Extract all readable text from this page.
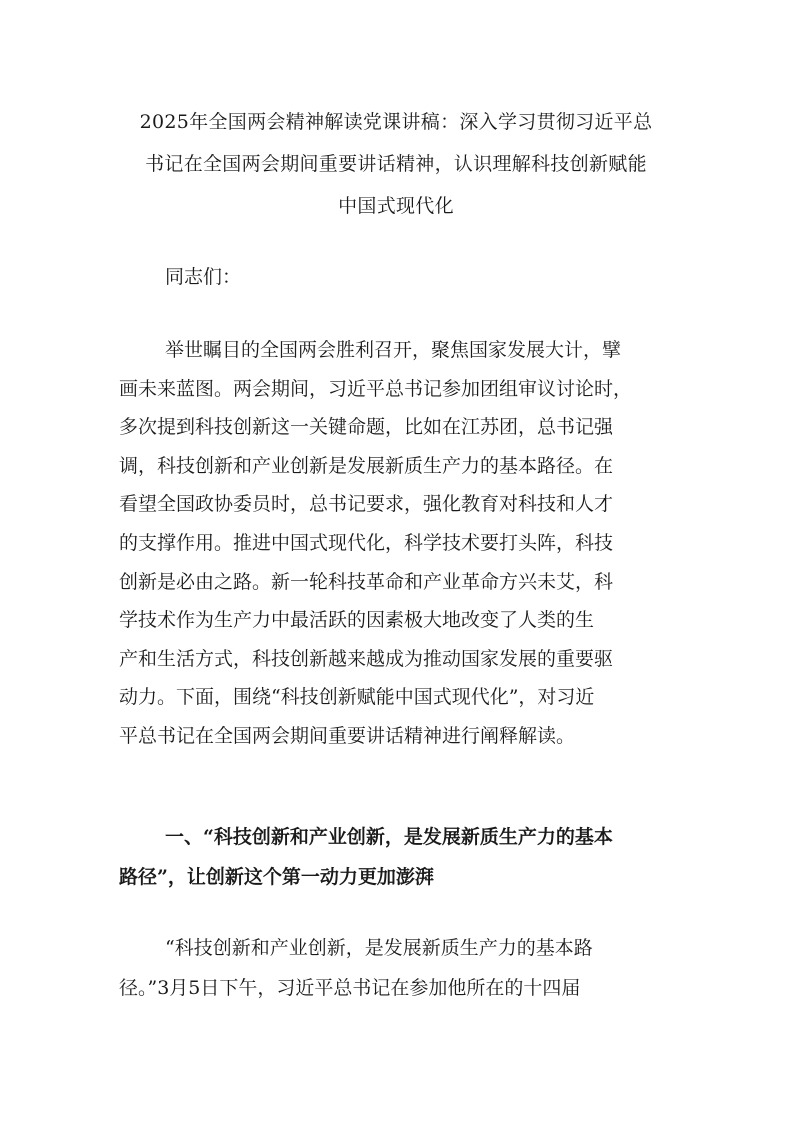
2025年全国两会精神解读党课讲稿：深入学习贯彻习近平总
书记在全国两会期间重要讲话精神，认识理解科技创新赋能
中国式现代化

同志们：

举世瞩目的全国两会胜利召开，聚焦国家发展大计，擘
画未来蓝图。两会期间，习近平总书记参加团组审议讨论时，
多次提到科技创新这一关键命题，比如在江苏团，总书记强
调，科技创新和产业创新是发展新质生产力的基本路径。在
看望全国政协委员时，总书记要求，强化教育对科技和人才
的支撑作用。推进中国式现代化，科学技术要打头阵，科技
创新是必由之路。新一轮科技革命和产业革命方兴未艾，科
学技术作为生产力中最活跃的因素极大地改变了人类的生
产和生活方式，科技创新越来越成为推动国家发展的重要驱
动力。下面，围绕“科技创新赋能中国式现代化”，对习近
平总书记在全国两会期间重要讲话精神进行阐释解读。

一、“科技创新和产业创新，是发展新质生产力的基本
路径”，让创新这个第一动力更加澎湃

“科技创新和产业创新，是发展新质生产力的基本路
径。”3月5日下午，习近平总书记在参加他所在的十四届
